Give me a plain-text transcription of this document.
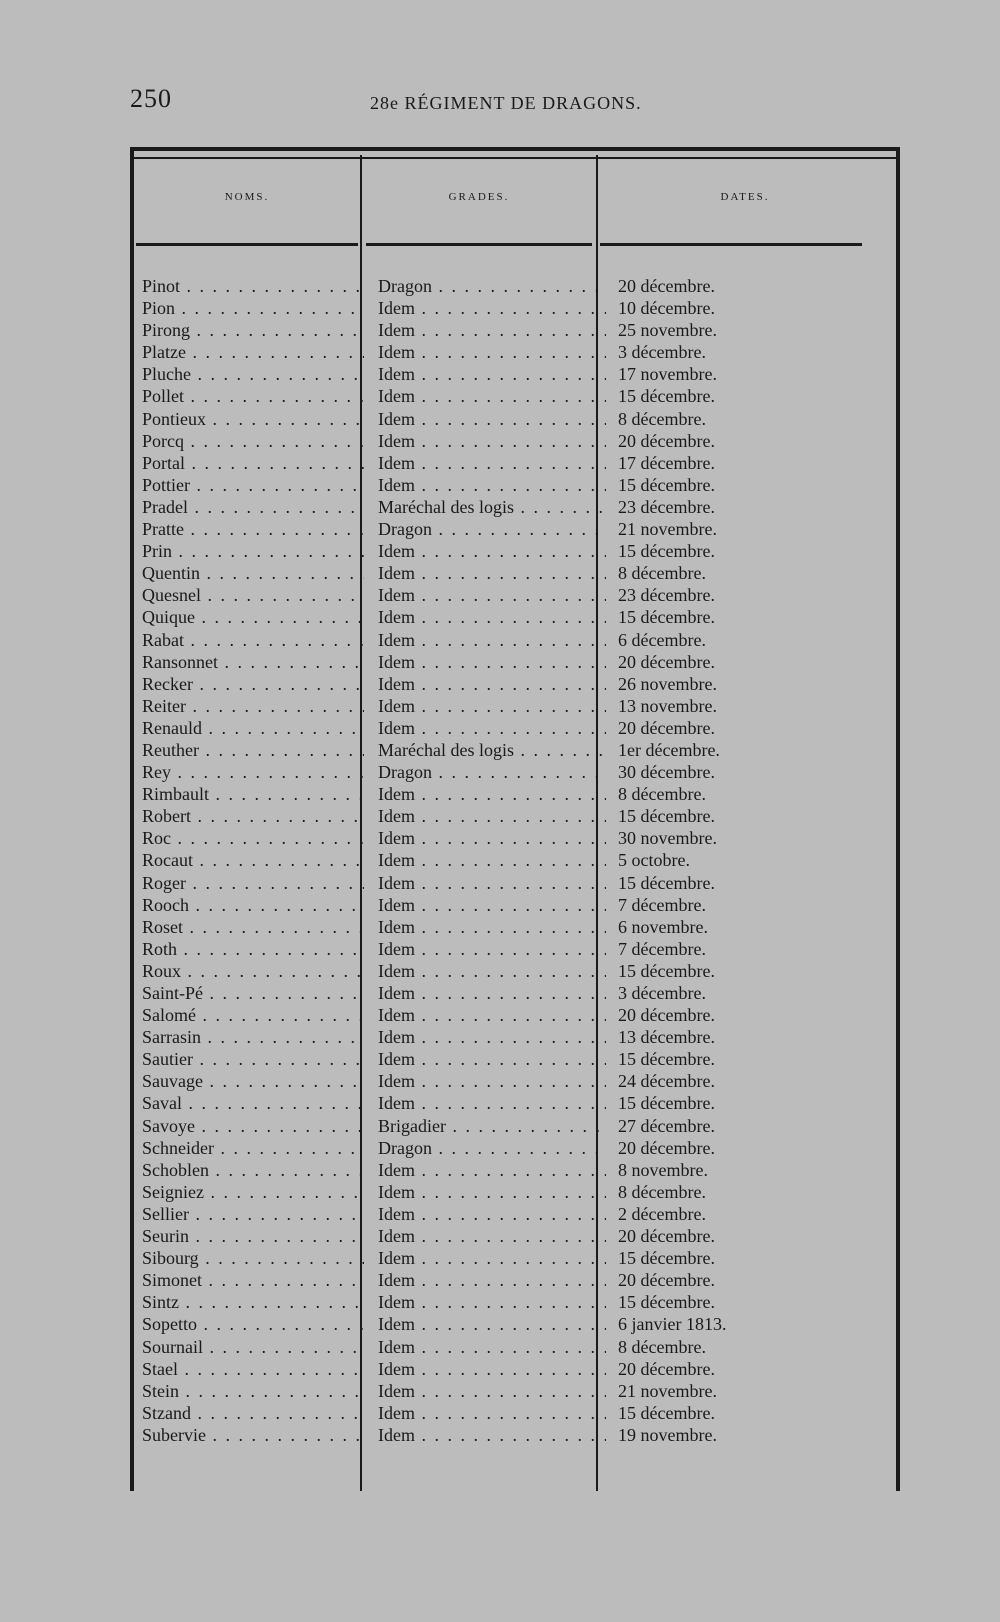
250	28e RÉGIMENT DE DRAGONS.
NOMS.	GRADES.	DATES.
Pinot . . .	Dragon . . .	20 décembre.
Pion . . .	Idem . . .	10 décembre.
Pirong . . .	Idem . . .	25 novembre.
Platze . . .	Idem . . .	3 décembre.
Pluche . . .	Idem . . .	17 novembre.
Pollet . . .	Idem . . .	15 décembre.
Pontieux . . .	Idem . . .	8 décembre.
Porcq . . .	Idem . . .	20 décembre.
Portal . . .	Idem . . .	17 décembre.
Pottier . . .	Idem . . .	15 décembre.
Pradel . . .	Maréchal des logis . . .	23 décembre.
Pratte . . .	Dragon . . .	21 novembre.
Prin . . .	Idem . . .	15 décembre.
Quentin . . .	Idem . . .	8 décembre.
Quesnel . . .	Idem . . .	23 décembre.
Quique . . .	Idem . . .	15 décembre.
Rabat . . .	Idem . . .	6 décembre.
Ransonnet . . .	Idem . . .	20 décembre.
Recker . . .	Idem . . .	26 novembre.
Reiter . . .	Idem . . .	13 novembre.
Renauld . . .	Idem . . .	20 décembre.
Reuther . . .	Maréchal des logis . . .	1er décembre.
Rey . . .	Dragon . . .	30 décembre.
Rimbault . . .	Idem . . .	8 décembre.
Robert . . .	Idem . . .	15 décembre.
Roc . . .	Idem . . .	30 novembre.
Rocaut . . .	Idem . . .	5 octobre.
Roger . . .	Idem . . .	15 décembre.
Rooch . . .	Idem . . .	7 décembre.
Roset . . .	Idem . . .	6 novembre.
Roth . . .	Idem . . .	7 décembre.
Roux . . .	Idem . . .	15 décembre.
Saint-Pé . . .	Idem . . .	3 décembre.
Salomé . . .	Idem . . .	20 décembre.
Sarrasin . . .	Idem . . .	13 décembre.
Sautier . . .	Idem . . .	15 décembre.
Sauvage . . .	Idem . . .	24 décembre.
Saval . . .	Idem . . .	15 décembre.
Savoye . . .	Brigadier . . .	27 décembre.
Schneider . . .	Dragon . . .	20 décembre.
Schoblen . . .	Idem . . .	8 novembre.
Seigniez . . .	Idem . . .	8 décembre.
Sellier . . .	Idem . . .	2 décembre.
Seurin . . .	Idem . . .	20 décembre.
Sibourg . . .	Idem . . .	15 décembre.
Simonet . . .	Idem . . .	20 décembre.
Sintz . . .	Idem . . .	15 décembre.
Sopetto . . .	Idem . . .	6 janvier 1813.
Sournail . . .	Idem . . .	8 décembre.
Stael . . .	Idem . . .	20 décembre.
Stein . . .	Idem . . .	21 novembre.
Stzand . . .	Idem . . .	15 décembre.
Subervie . . .	Idem . . .	19 novembre.
